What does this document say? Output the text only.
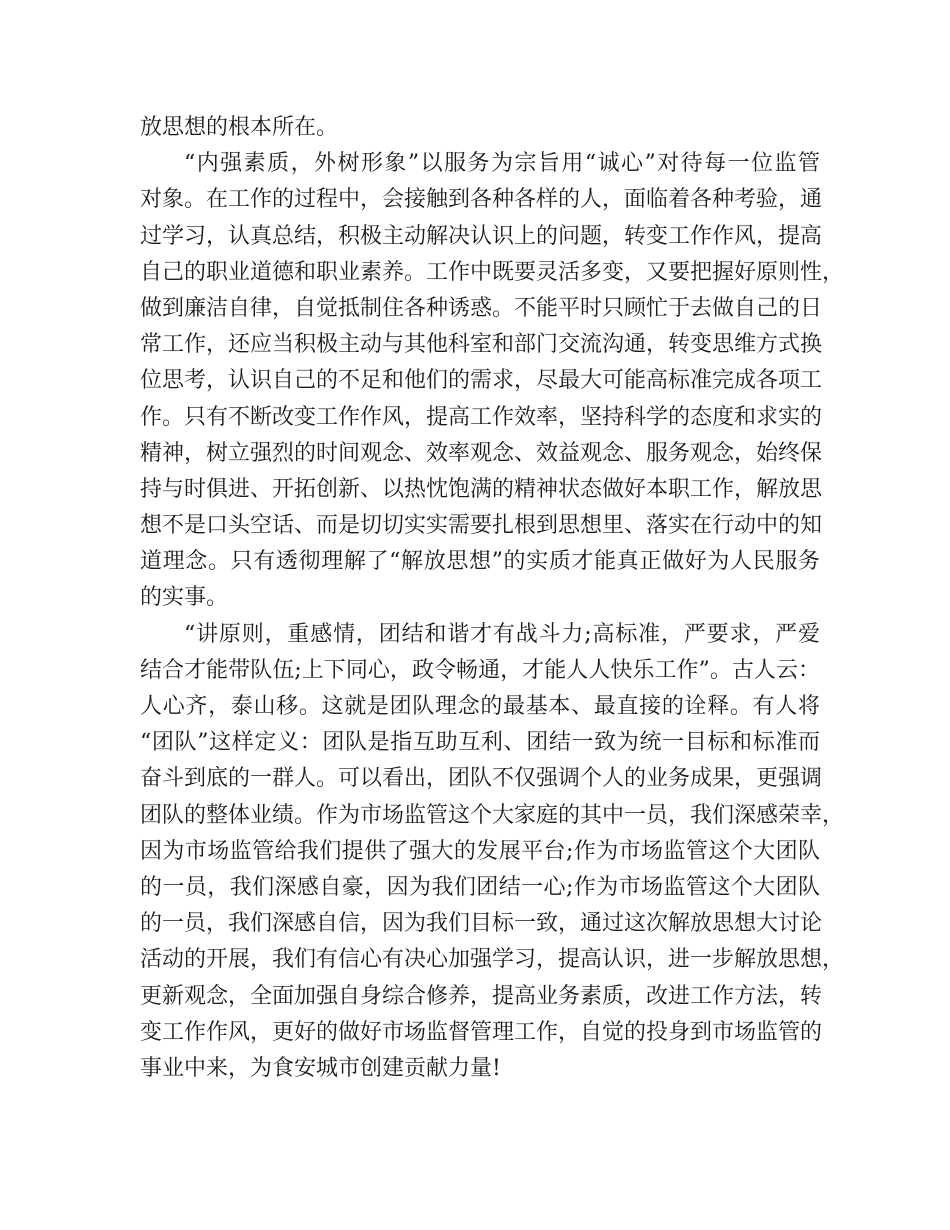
放思想的根本所在。
“内强素质，外树形象”以服务为宗旨用“诚心”对待每一位监管
对象。在工作的过程中，会接触到各种各样的人，面临着各种考验，通
过学习，认真总结，积极主动解决认识上的问题，转变工作作风，提高
自己的职业道德和职业素养。工作中既要灵活多变，又要把握好原则性，
做到廉洁自律，自觉抵制住各种诱惑。不能平时只顾忙于去做自己的日
常工作，还应当积极主动与其他科室和部门交流沟通，转变思维方式换
位思考，认识自己的不足和他们的需求，尽最大可能高标准完成各项工
作。只有不断改变工作作风，提高工作效率，坚持科学的态度和求实的
精神，树立强烈的时间观念、效率观念、效益观念、服务观念，始终保
持与时俱进、开拓创新、以热忱饱满的精神状态做好本职工作，解放思
想不是口头空话、而是切切实实需要扎根到思想里、落实在行动中的知
道理念。只有透彻理解了“解放思想”的实质才能真正做好为人民服务
的实事。
“讲原则，重感情，团结和谐才有战斗力;高标准，严要求，严爱
结合才能带队伍;上下同心，政令畅通，才能人人快乐工作”。古人云：
人心齐，泰山移。这就是团队理念的最基本、最直接的诠释。有人将
“团队”这样定义：团队是指互助互利、团结一致为统一目标和标准而
奋斗到底的一群人。可以看出，团队不仅强调个人的业务成果，更强调
团队的整体业绩。作为市场监管这个大家庭的其中一员，我们深感荣幸，
因为市场监管给我们提供了强大的发展平台;作为市场监管这个大团队
的一员，我们深感自豪，因为我们团结一心;作为市场监管这个大团队
的一员，我们深感自信，因为我们目标一致，通过这次解放思想大讨论
活动的开展，我们有信心有决心加强学习，提高认识，进一步解放思想，
更新观念，全面加强自身综合修养，提高业务素质，改进工作方法，转
变工作作风，更好的做好市场监督管理工作，自觉的投身到市场监管的
事业中来，为食安城市创建贡献力量!
